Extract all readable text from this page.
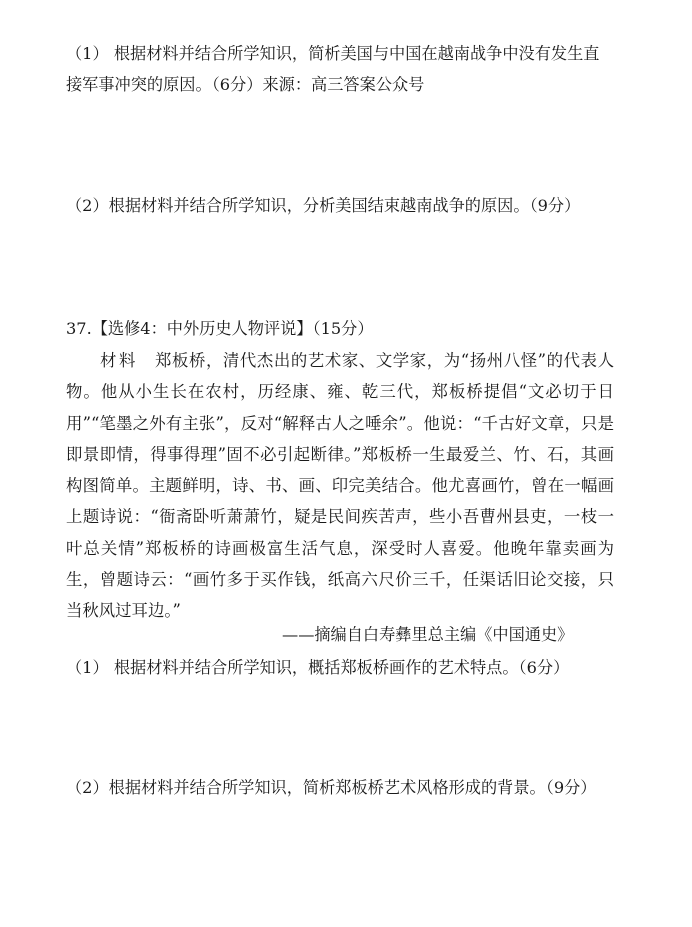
（1） 根据材料并结合所学知识，简析美国与中国在越南战争中没有发生直
接军事冲突的原因。（6分）来源：高三答案公众号
（2）根据材料并结合所学知识，分析美国结束越南战争的原因。（9分）
37.【选修4：中外历史人物评说】（15分）

材料　 郑板桥，清代杰出的艺术家、文学家，为“扬州八怪”的代表人物。他从小生长在农村，历经康、雍、乾三代，郑板桥提倡“文必切于日用”“笔墨之外有主张”，反对“解释古人之唾余”。他说：“千古好文章，只是即景即情，得事得理”固不必引起断律。”郑板桥一生最爱兰、竹、石，其画构图简单。主题鲜明，诗、书、画、印完美结合。他尤喜画竹，曾在一幅画上题诗说：“衙斋卧听萧萧竹，疑是民间疾苦声，些小吾曹州县吏，一枝一叶总关情”郑板桥的诗画极富生活气息，深受时人喜爱。他晚年靠卖画为生，曾题诗云：“画竹多于买作钱，纸高六尺价三千，任渠话旧论交接，只当秋风过耳边。”

——摘编自白寿彝里总主编《中国通史》
（1） 根据材料并结合所学知识，概括郑板桥画作的艺术特点。（6分）
（2）根据材料并结合所学知识，简析郑板桥艺术风格形成的背景。（9分）
